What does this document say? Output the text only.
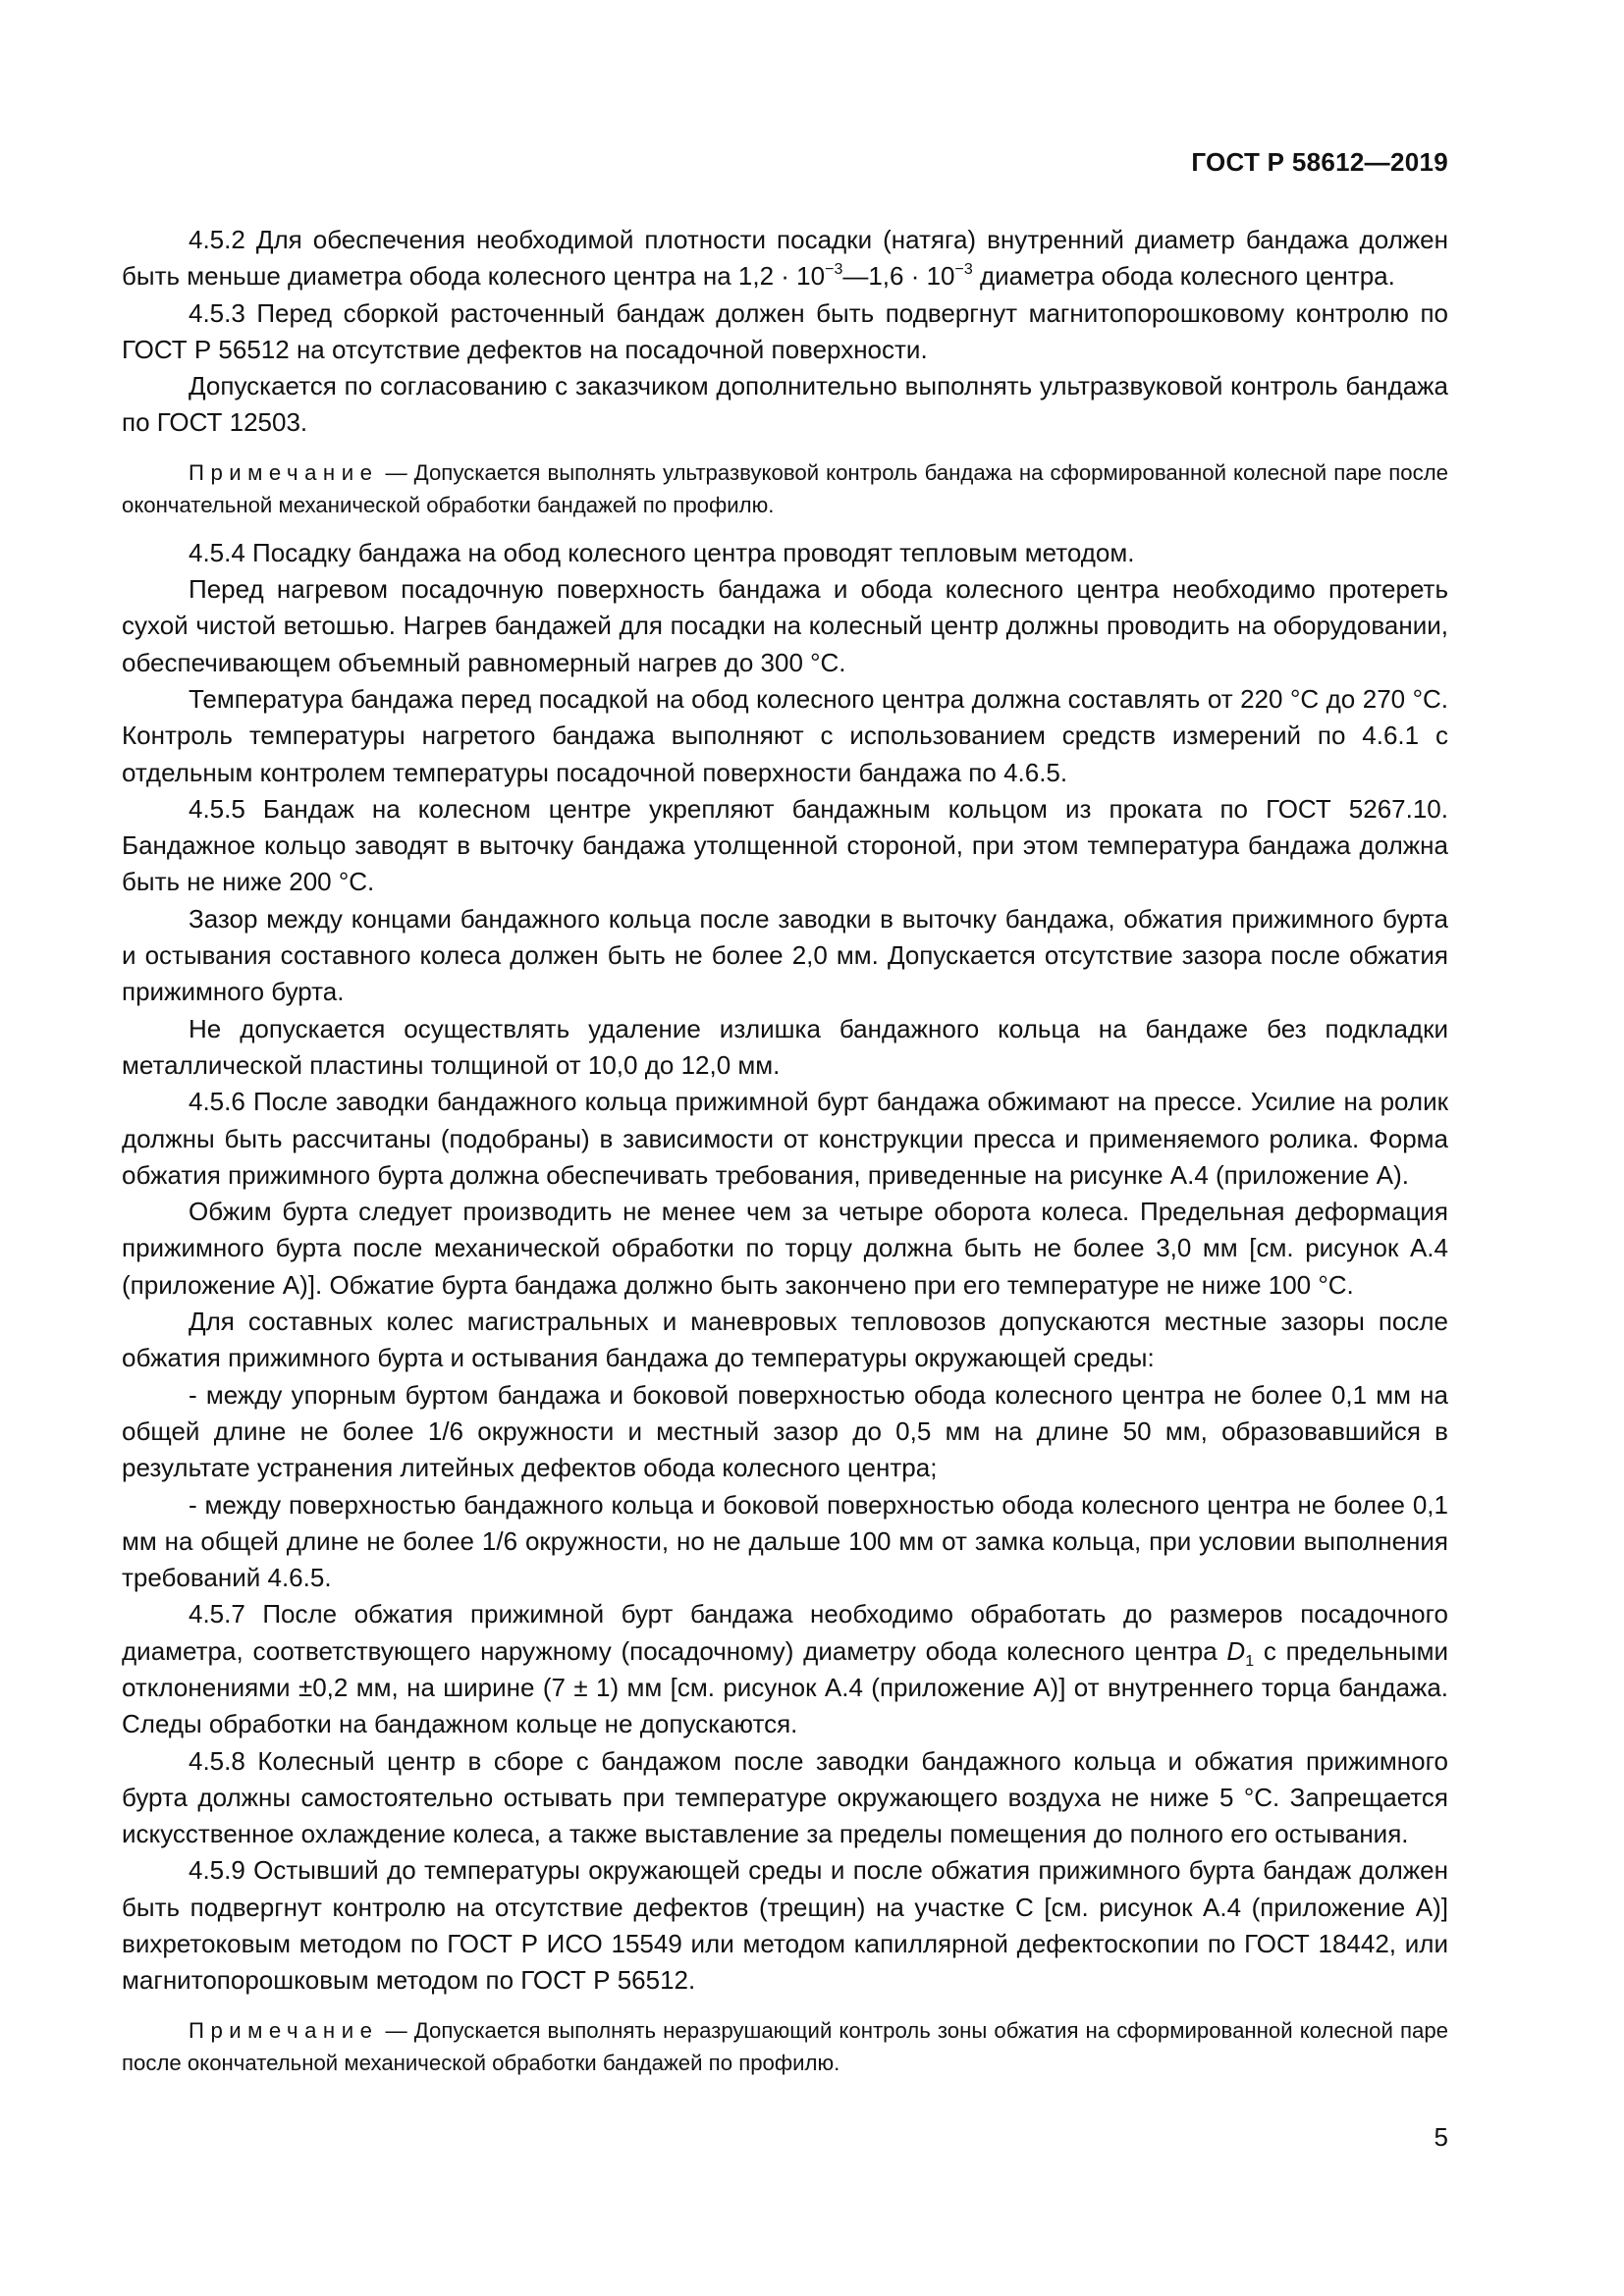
ГОСТ Р 58612—2019

4.5.2 Для обеспечения необходимой плотности посадки (натяга) внутренний диаметр бандажа должен быть меньше диаметра обода колесного центра на $1,2 \cdot 10^{-3}—1,6 \cdot 10^{-3}$ диаметра обода колесного центра.

4.5.3 Перед сборкой расточенный бандаж должен быть подвергнут магнитопорошковому контролю по ГОСТ Р 56512 на отсутствие дефектов на посадочной поверхности.

Допускается по согласованию с заказчиком дополнительно выполнять ультразвуковой контроль бандажа по ГОСТ 12503.

Примечание — Допускается выполнять ультразвуковой контроль бандажа на сформированной колесной паре после окончательной механической обработки бандажей по профилю.

4.5.4 Посадку бандажа на обод колесного центра проводят тепловым методом.

Перед нагревом посадочную поверхность бандажа и обода колесного центра необходимо протереть сухой чистой ветошью. Нагрев бандажей для посадки на колесный центр должны проводить на оборудовании, обеспечивающем объемный равномерный нагрев до 300 °С.

Температура бандажа перед посадкой на обод колесного центра должна составлять от 220 °С до 270 °С. Контроль температуры нагретого бандажа выполняют с использованием средств измерений по 4.6.1 с отдельным контролем температуры посадочной поверхности бандажа по 4.6.5.

4.5.5 Бандаж на колесном центре укрепляют бандажным кольцом из проката по ГОСТ 5267.10. Бандажное кольцо заводят в выточку бандажа утолщенной стороной, при этом температура бандажа должна быть не ниже 200 °С.

Зазор между концами бандажного кольца после заводки в выточку бандажа, обжатия прижимного бурта и остывания составного колеса должен быть не более 2,0 мм. Допускается отсутствие зазора после обжатия прижимного бурта.

Не допускается осуществлять удаление излишка бандажного кольца на бандаже без подкладки металлической пластины толщиной от 10,0 до 12,0 мм.

4.5.6 После заводки бандажного кольца прижимной бурт бандажа обжимают на прессе. Усилие на ролик должны быть рассчитаны (подобраны) в зависимости от конструкции пресса и применяемого ролика. Форма обжатия прижимного бурта должна обеспечивать требования, приведенные на рисунке А.4 (приложение А).

Обжим бурта следует производить не менее чем за четыре оборота колеса. Предельная деформация прижимного бурта после механической обработки по торцу должна быть не более 3,0 мм [см. рисунок А.4 (приложение А)]. Обжатие бурта бандажа должно быть закончено при его температуре не ниже 100 °С.

Для составных колес магистральных и маневровых тепловозов допускаются местные зазоры после обжатия прижимного бурта и остывания бандажа до температуры окружающей среды:

- между упорным буртом бандажа и боковой поверхностью обода колесного центра не более 0,1 мм на общей длине не более 1/6 окружности и местный зазор до 0,5 мм на длине 50 мм, образовавшийся в результате устранения литейных дефектов обода колесного центра;

- между поверхностью бандажного кольца и боковой поверхностью обода колесного центра не более 0,1 мм на общей длине не более 1/6 окружности, но не дальше 100 мм от замка кольца, при условии выполнения требований 4.6.5.

4.5.7 После обжатия прижимной бурт бандажа необходимо обработать до размеров посадочного диаметра, соответствующего наружному (посадочному) диаметру обода колесного центра $D_1$ с предельными отклонениями ±0,2 мм, на ширине (7 ± 1) мм [см. рисунок А.4 (приложение А)] от внутреннего торца бандажа. Следы обработки на бандажном кольце не допускаются.

4.5.8 Колесный центр в сборе с бандажом после заводки бандажного кольца и обжатия прижимного бурта должны самостоятельно остывать при температуре окружающего воздуха не ниже 5 °С. Запрещается искусственное охлаждение колеса, а также выставление за пределы помещения до полного его остывания.

4.5.9 Остывший до температуры окружающей среды и после обжатия прижимного бурта бандаж должен быть подвергнут контролю на отсутствие дефектов (трещин) на участке С [см. рисунок А.4 (приложение А)] вихретоковым методом по ГОСТ Р ИСО 15549 или методом капиллярной дефектоскопии по ГОСТ 18442, или магнитопорошковым методом по ГОСТ Р 56512.

Примечание — Допускается выполнять неразрушающий контроль зоны обжатия на сформированной колесной паре после окончательной механической обработки бандажей по профилю.

5
